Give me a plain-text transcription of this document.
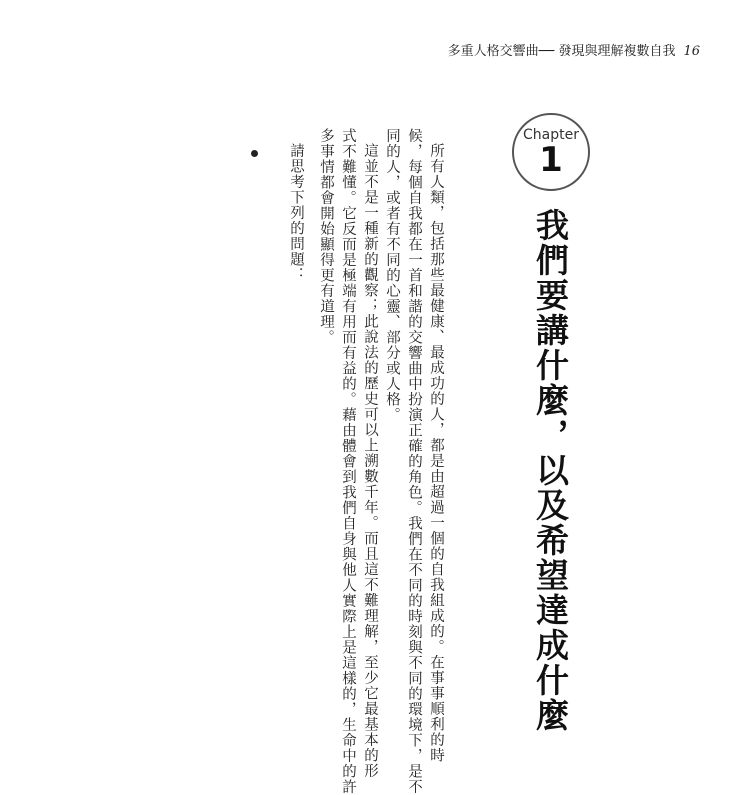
多重人格交響曲── 發現與理解複數自我 16
Chapter
1
我們要講什麼，以及希望達成什麼
所有人類，包括那些最健康、最成功的人，都是由超過一個的自我組成的。在事事順利的時
候，每個自我都在一首和諧的交響曲中扮演正確的角色。我們在不同的時刻與不同的環境下，是不
同的人，或者有不同的心靈、部分或人格。
這並不是一種新的觀察；此說法的歷史可以上溯數千年。而且這不難理解，至少它最基本的形
式不難懂。它反而是極端有用而有益的。藉由體會到我們自身與他人實際上是這樣的，生命中的許
多事情都會開始顯得更有道理。
請思考下列的問題：
